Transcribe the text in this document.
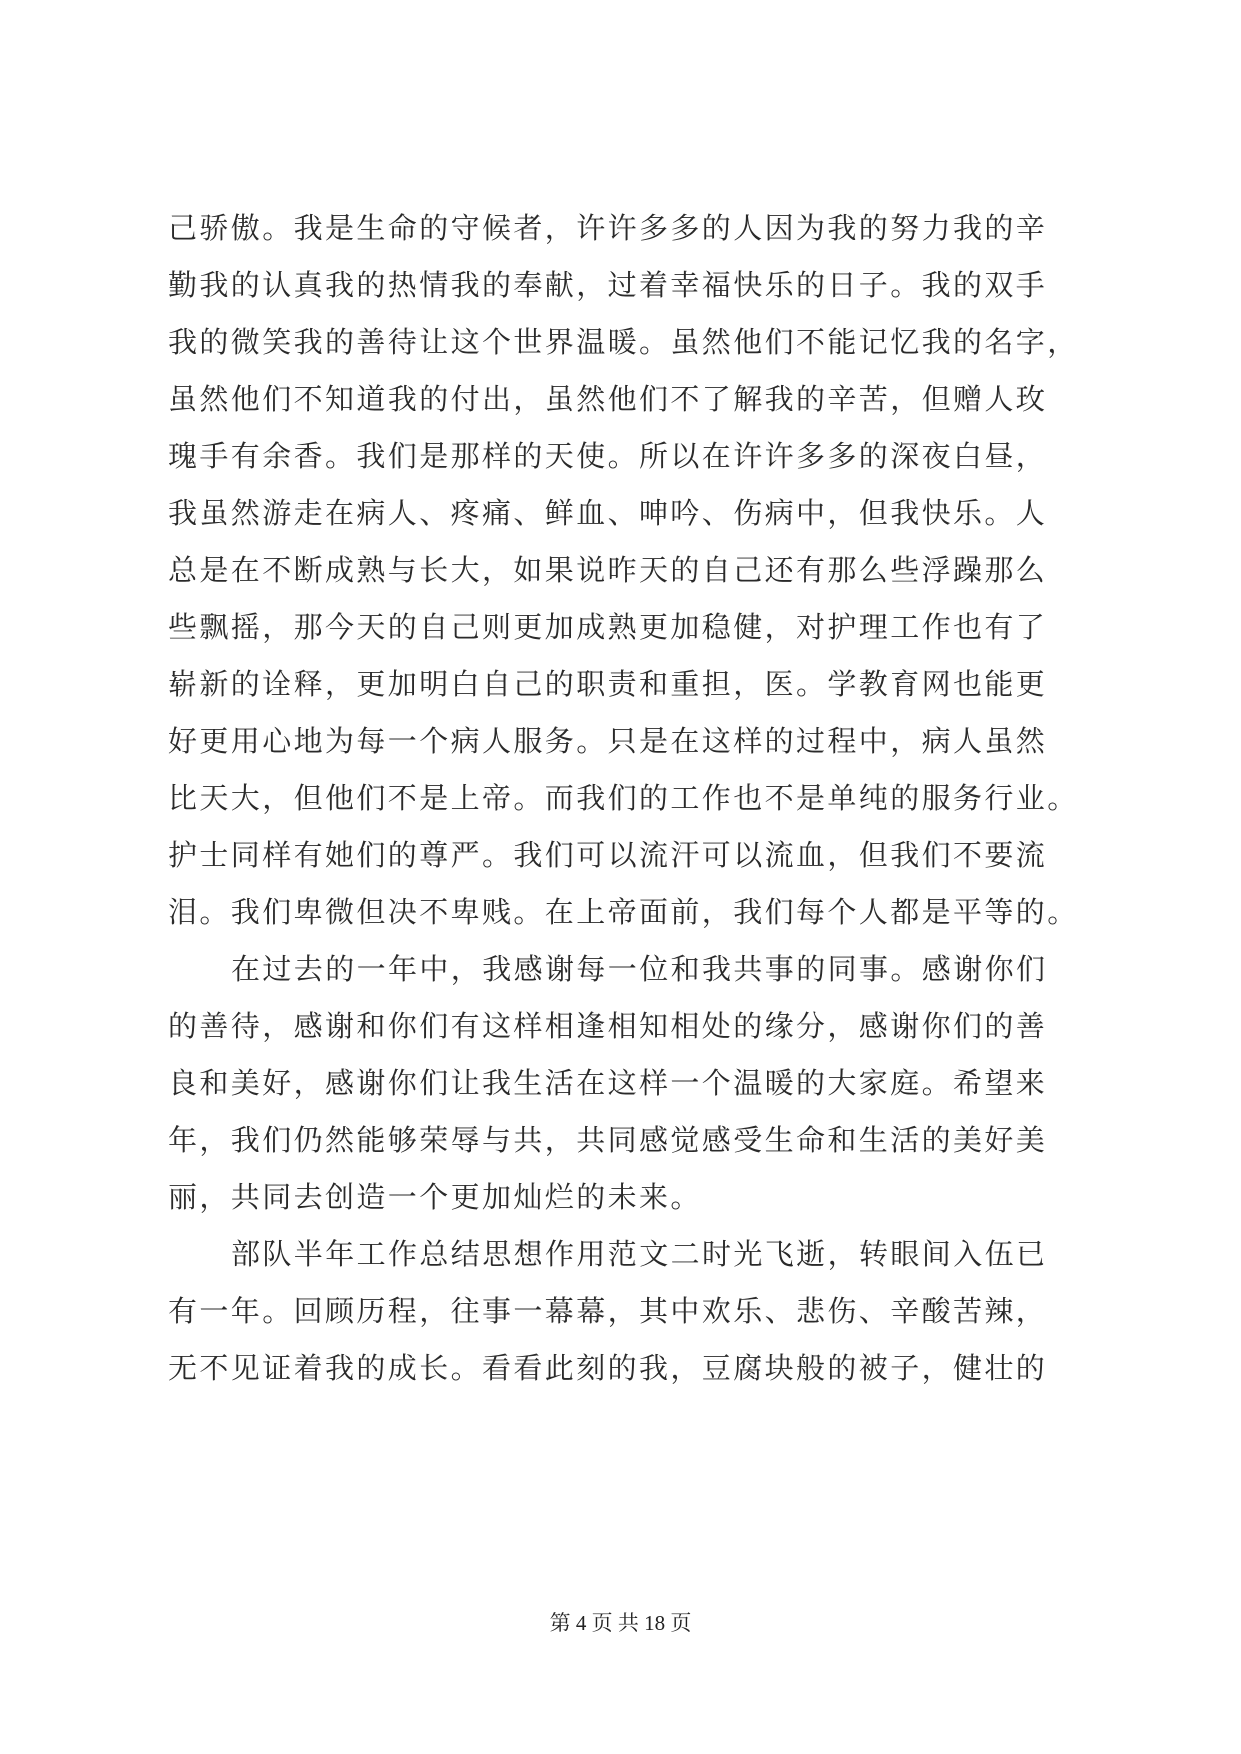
己骄傲。我是生命的守候者，许许多多的人因为我的努力我的辛
勤我的认真我的热情我的奉献，过着幸福快乐的日子。我的双手
我的微笑我的善待让这个世界温暖。虽然他们不能记忆我的名字，
虽然他们不知道我的付出，虽然他们不了解我的辛苦，但赠人玫
瑰手有余香。我们是那样的天使。所以在许许多多的深夜白昼，
我虽然游走在病人、疼痛、鲜血、呻吟、伤病中，但我快乐。人
总是在不断成熟与长大，如果说昨天的自己还有那么些浮躁那么
些飘摇，那今天的自己则更加成熟更加稳健，对护理工作也有了
崭新的诠释，更加明白自己的职责和重担，医。学教育网也能更
好更用心地为每一个病人服务。只是在这样的过程中，病人虽然
比天大，但他们不是上帝。而我们的工作也不是单纯的服务行业。
护士同样有她们的尊严。我们可以流汗可以流血，但我们不要流
泪。我们卑微但决不卑贱。在上帝面前，我们每个人都是平等的。
在过去的一年中，我感谢每一位和我共事的同事。感谢你们
的善待，感谢和你们有这样相逢相知相处的缘分，感谢你们的善
良和美好，感谢你们让我生活在这样一个温暖的大家庭。希望来
年，我们仍然能够荣辱与共，共同感觉感受生命和生活的美好美
丽，共同去创造一个更加灿烂的未来。
部队半年工作总结思想作用范文二时光飞逝，转眼间入伍已
有一年。回顾历程，往事一幕幕，其中欢乐、悲伤、辛酸苦辣，
无不见证着我的成长。看看此刻的我，豆腐块般的被子，健壮的
第 4 页 共 18 页
